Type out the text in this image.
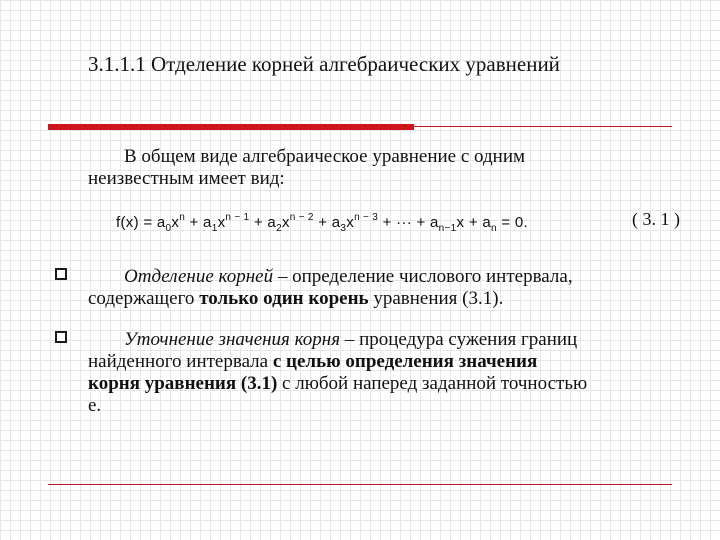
3.1.1.1 Отделение корней алгебраических уравнений
В общем виде алгебраическое уравнение с одним
неизвестным имеет вид:
$f(x) = a_0x^n + a_1x^{n - 1} + a_2x^{n - 2} + a_3x^{n - 3}$ + ··· + $a_{n-1}x + a_n = 0$.	( 3. 1 )
Отделение корней – определение числового интервала,
содержащего только один корень уравнения (3.1).
Уточнение значения корня – процедура сужения границ
найденного интервала с целью определения значения
корня уравнения (3.1) с любой наперед заданной точностью
e.
